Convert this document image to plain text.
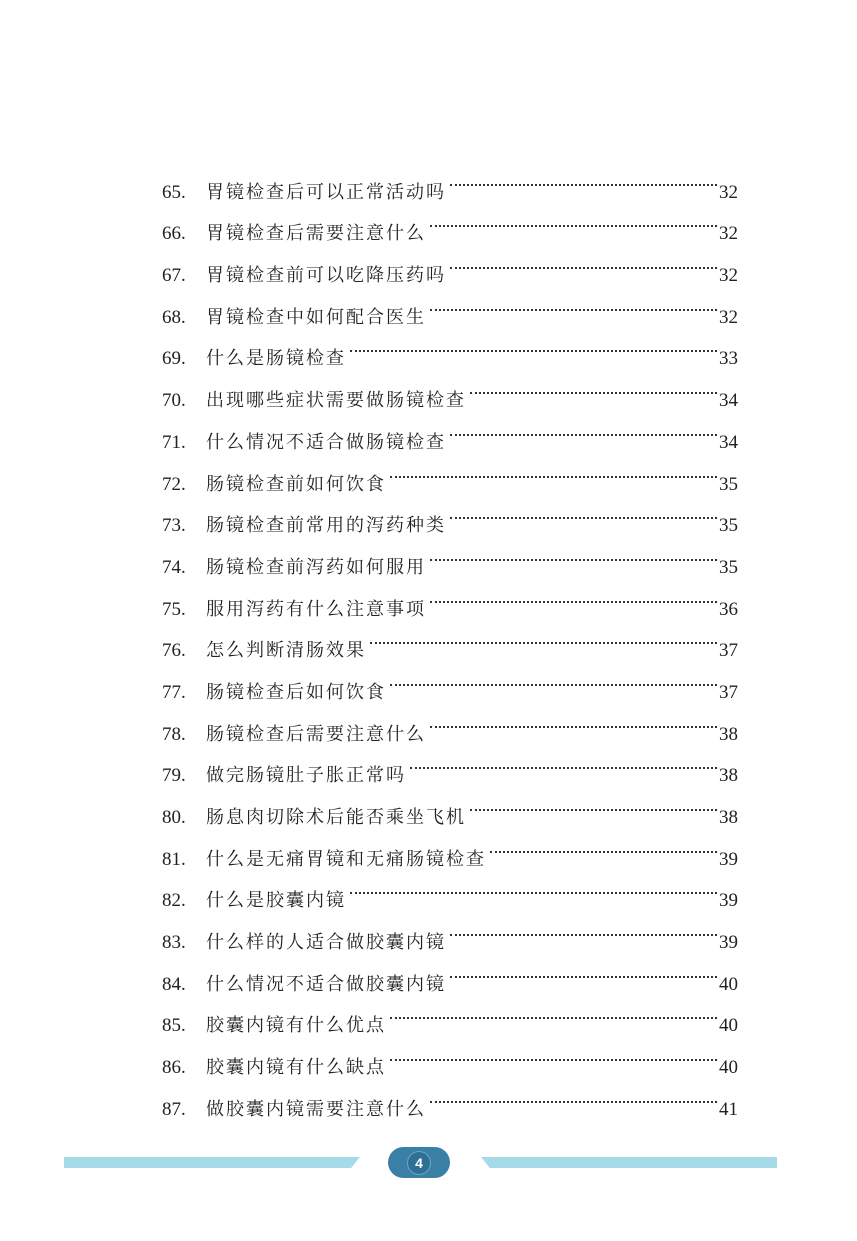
65.	胃镜检查后可以正常活动吗	32
66.	胃镜检查后需要注意什么	32
67.	胃镜检查前可以吃降压药吗	32
68.	胃镜检查中如何配合医生	32
69.	什么是肠镜检查	33
70.	出现哪些症状需要做肠镜检查	34
71.	什么情况不适合做肠镜检查	34
72.	肠镜检查前如何饮食	35
73.	肠镜检查前常用的泻药种类	35
74.	肠镜检查前泻药如何服用	35
75.	服用泻药有什么注意事项	36
76.	怎么判断清肠效果	37
77.	肠镜检查后如何饮食	37
78.	肠镜检查后需要注意什么	38
79.	做完肠镜肚子胀正常吗	38
80.	肠息肉切除术后能否乘坐飞机	38
81.	什么是无痛胃镜和无痛肠镜检查	39
82.	什么是胶囊内镜	39
83.	什么样的人适合做胶囊内镜	39
84.	什么情况不适合做胶囊内镜	40
85.	胶囊内镜有什么优点	40
86.	胶囊内镜有什么缺点	40
87.	做胶囊内镜需要注意什么	41
4
